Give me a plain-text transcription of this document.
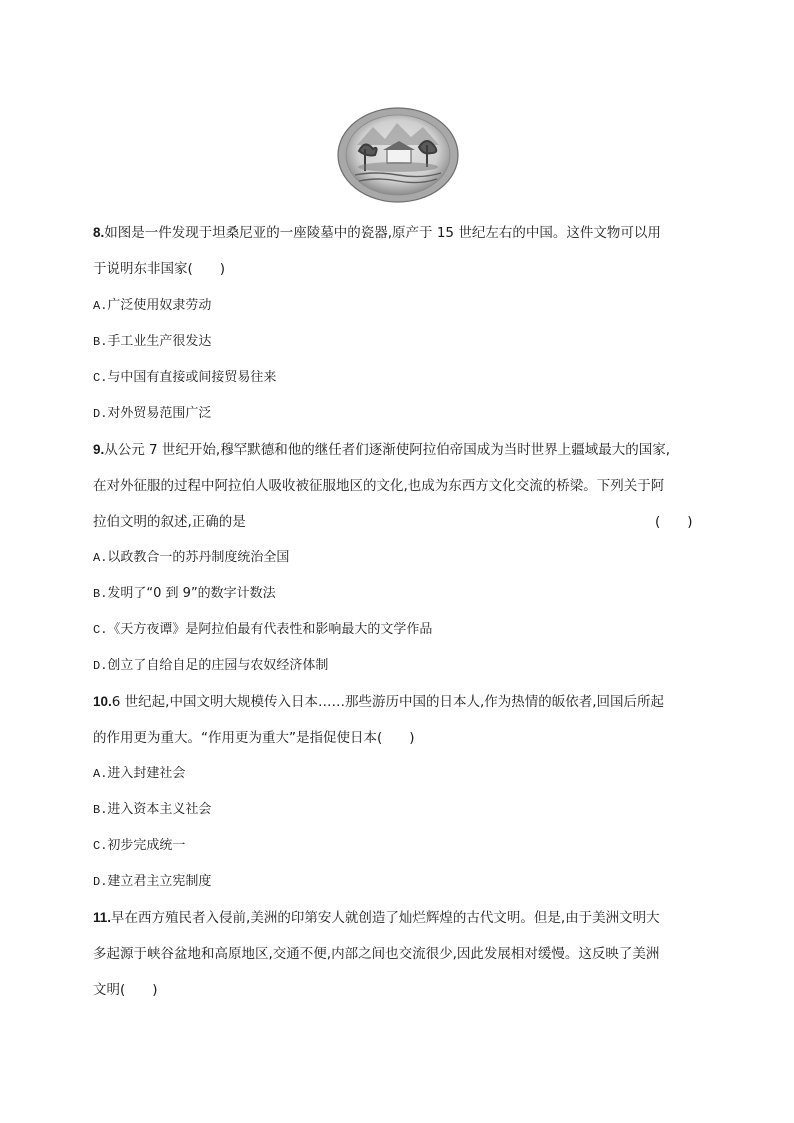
8.如图是一件发现于坦桑尼亚的一座陵墓中的瓷器,原产于 15 世纪左右的中国。这件文物可以用
于说明东非国家(　　)
A.广泛使用奴隶劳动
B.手工业生产很发达
C.与中国有直接或间接贸易往来
D.对外贸易范围广泛
9.从公元 7 世纪开始,穆罕默德和他的继任者们逐渐使阿拉伯帝国成为当时世界上疆域最大的国家,
在对外征服的过程中阿拉伯人吸收被征服地区的文化,也成为东西方文化交流的桥梁。下列关于阿
拉伯文明的叙述,正确的是	(　　)
A.以政教合一的苏丹制度统治全国
B.发明了“0 到 9”的数字计数法
C.《天方夜谭》是阿拉伯最有代表性和影响最大的文学作品
D.创立了自给自足的庄园与农奴经济体制
10.6 世纪起,中国文明大规模传入日本……那些游历中国的日本人,作为热情的皈依者,回国后所起
的作用更为重大。“作用更为重大”是指促使日本(　　)
A.进入封建社会
B.进入资本主义社会
C.初步完成统一
D.建立君主立宪制度
11.早在西方殖民者入侵前,美洲的印第安人就创造了灿烂辉煌的古代文明。但是,由于美洲文明大
多起源于峡谷盆地和高原地区,交通不便,内部之间也交流很少,因此发展相对缓慢。这反映了美洲
文明(　　)
